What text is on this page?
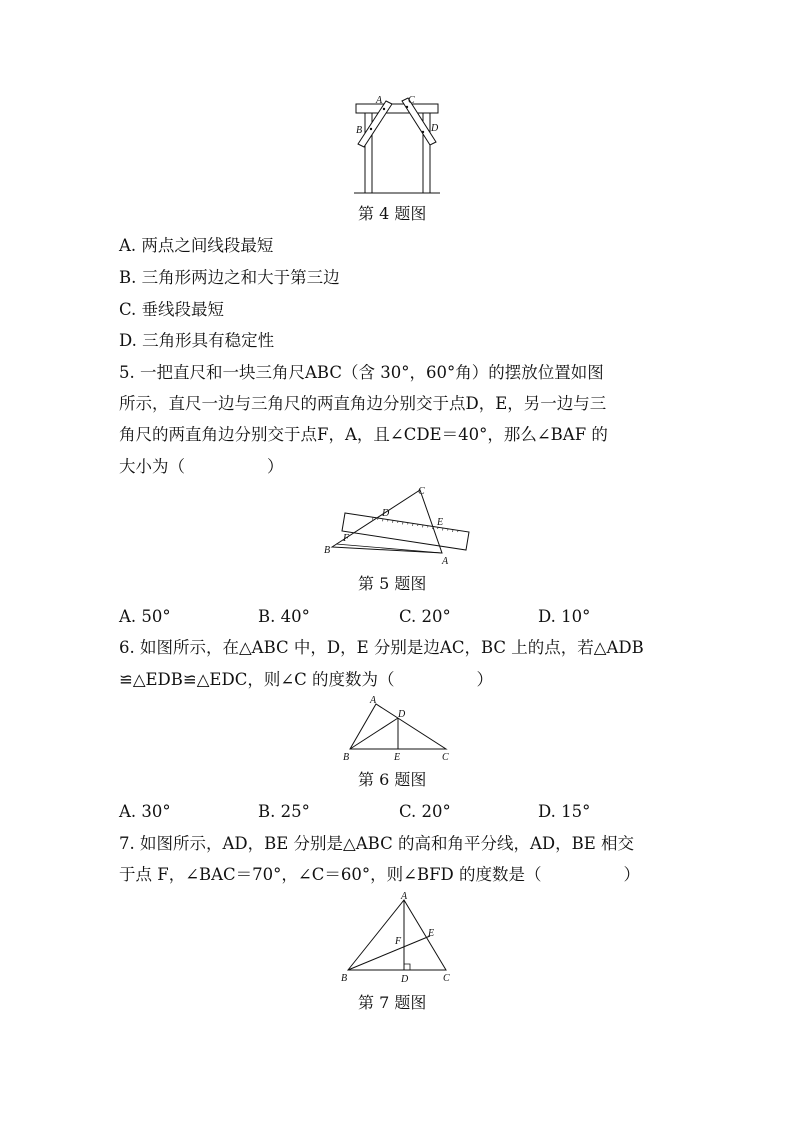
A
B
C
D
第 4 题图
A. 两点之间线段最短
B. 三角形两边之和大于第三边
C. 垂线段最短
D. 三角形具有稳定性
5. 一把直尺和一块三角尺ABC（含 30°，60°角）的摆放位置如图
所示，直尺一边与三角尺的两直角边分别交于点D，E，另一边与三
角尺的两直角边分别交于点F，A，且∠CDE＝40°，那么∠BAF 的
大小为（	）
A
B
C
D
E
F
第 5 题图
A. 50°	B. 40°	C. 20°	D. 10°
6. 如图所示，在△ABC 中，D，E 分别是边AC，BC 上的点，若△ADB
≌△EDB≌△EDC，则∠C 的度数为（	）
A
B	C
D
E
第 6 题图
A. 30°	B. 25°	C. 20°	D. 15°
7. 如图所示，AD，BE 分别是△ABC 的高和角平分线，AD，BE 相交
于点 F，∠BAC＝70°，∠C＝60°，则∠BFD 的度数是（	）
A
B	C
D
E
F
第 7 题图
